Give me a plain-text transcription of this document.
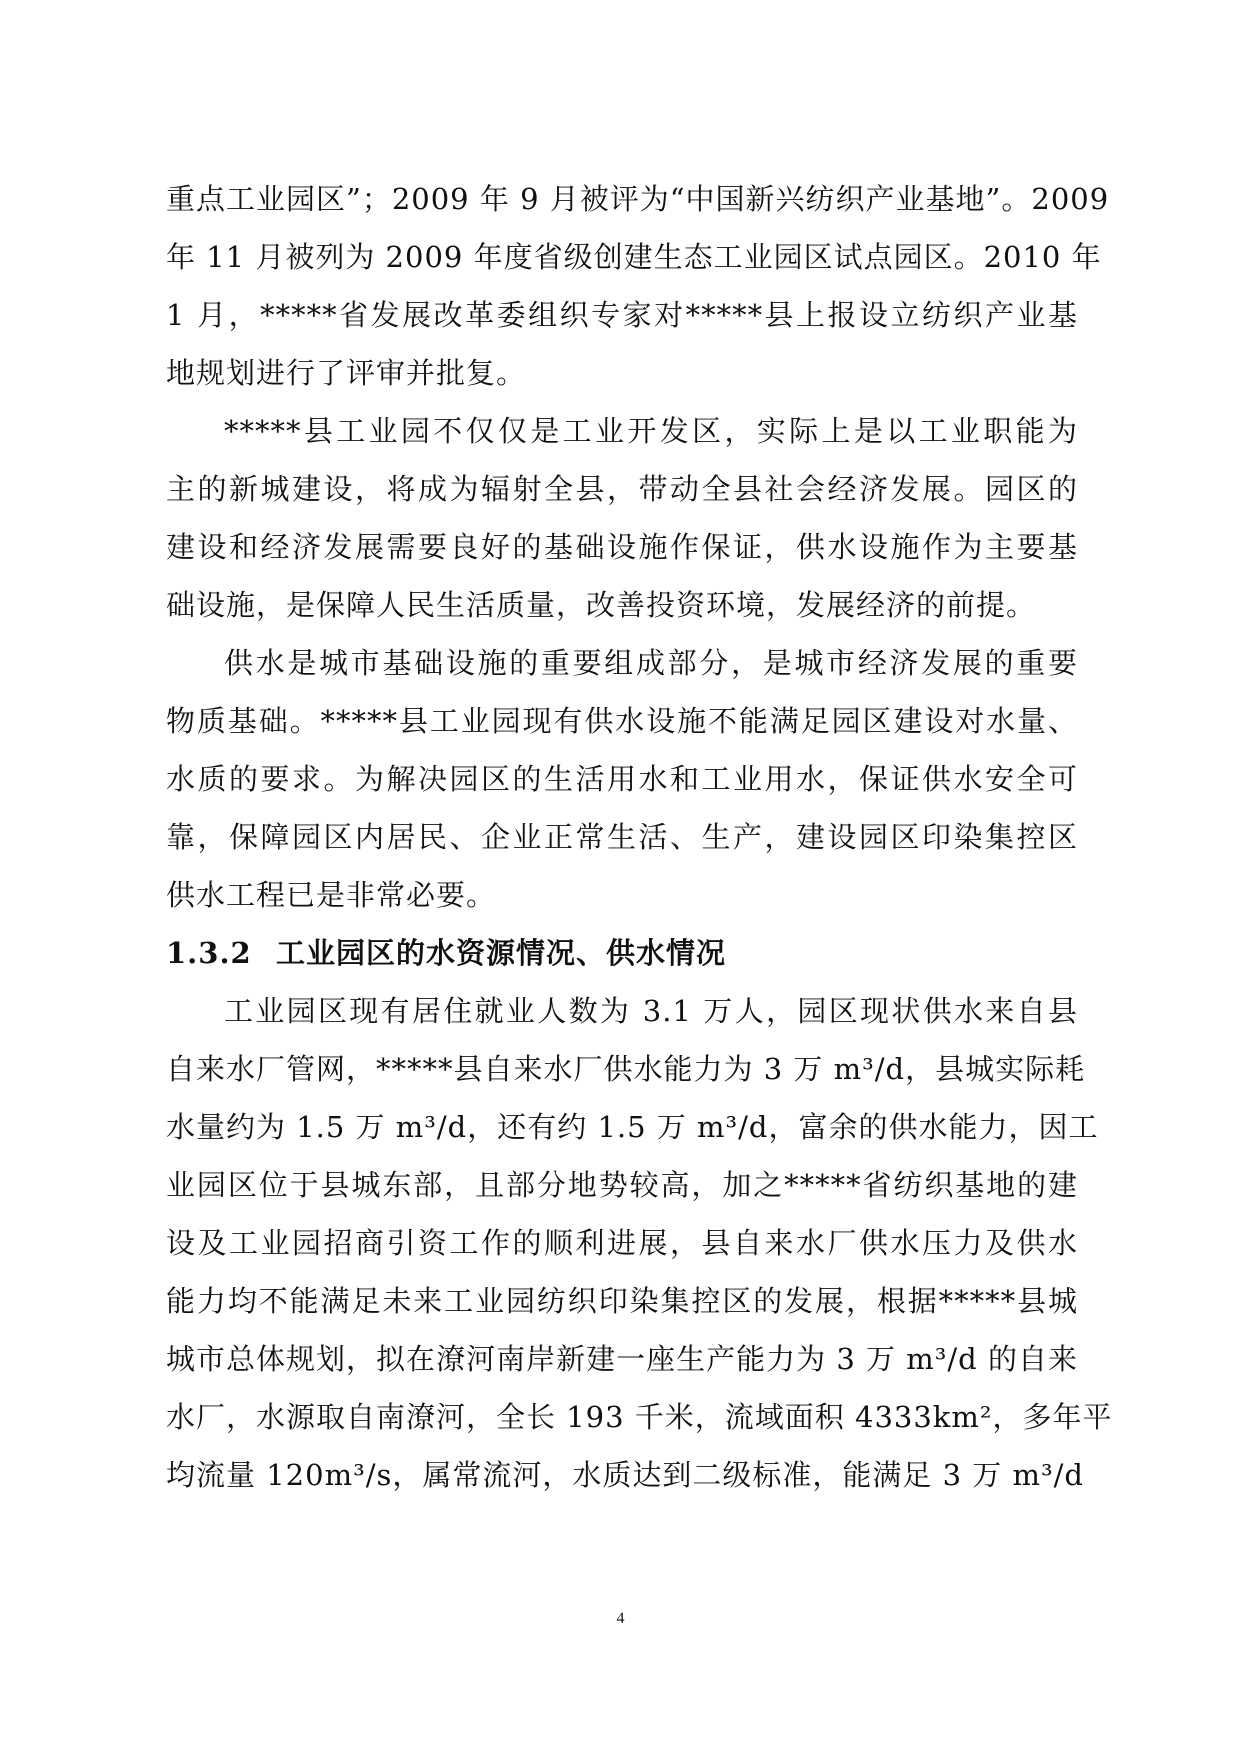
重点工业园区”；2009 年 9 月被评为“中国新兴纺织产业基地”。2009
年 11 月被列为 2009 年度省级创建生态工业园区试点园区。2010 年
1 月，*****省发展改革委组织专家对*****县上报设立纺织产业基
地规划进行了评审并批复。
*****县工业园不仅仅是工业开发区，实际上是以工业职能为
主的新城建设，将成为辐射全县，带动全县社会经济发展。园区的
建设和经济发展需要良好的基础设施作保证，供水设施作为主要基
础设施，是保障人民生活质量，改善投资环境，发展经济的前提。
供水是城市基础设施的重要组成部分，是城市经济发展的重要
物质基础。*****县工业园现有供水设施不能满足园区建设对水量、
水质的要求。为解决园区的生活用水和工业用水，保证供水安全可
靠，保障园区内居民、企业正常生活、生产，建设园区印染集控区
供水工程已是非常必要。
1.3.2 工业园区的水资源情况、供水情况
工业园区现有居住就业人数为 3.1 万人，园区现状供水来自县
自来水厂管网，*****县自来水厂供水能力为 3 万 m³/d，县城实际耗
水量约为 1.5 万 m³/d，还有约 1.5 万 m³/d，富余的供水能力，因工
业园区位于县城东部，且部分地势较高，加之*****省纺织基地的建
设及工业园招商引资工作的顺利进展，县自来水厂供水压力及供水
能力均不能满足未来工业园纺织印染集控区的发展，根据*****县城
城市总体规划，拟在潦河南岸新建一座生产能力为 3 万 m³/d 的自来
水厂，水源取自南潦河，全长 193 千米，流域面积 4333km²，多年平
均流量 120m³/s，属常流河，水质达到二级标准，能满足 3 万 m³/d
4
